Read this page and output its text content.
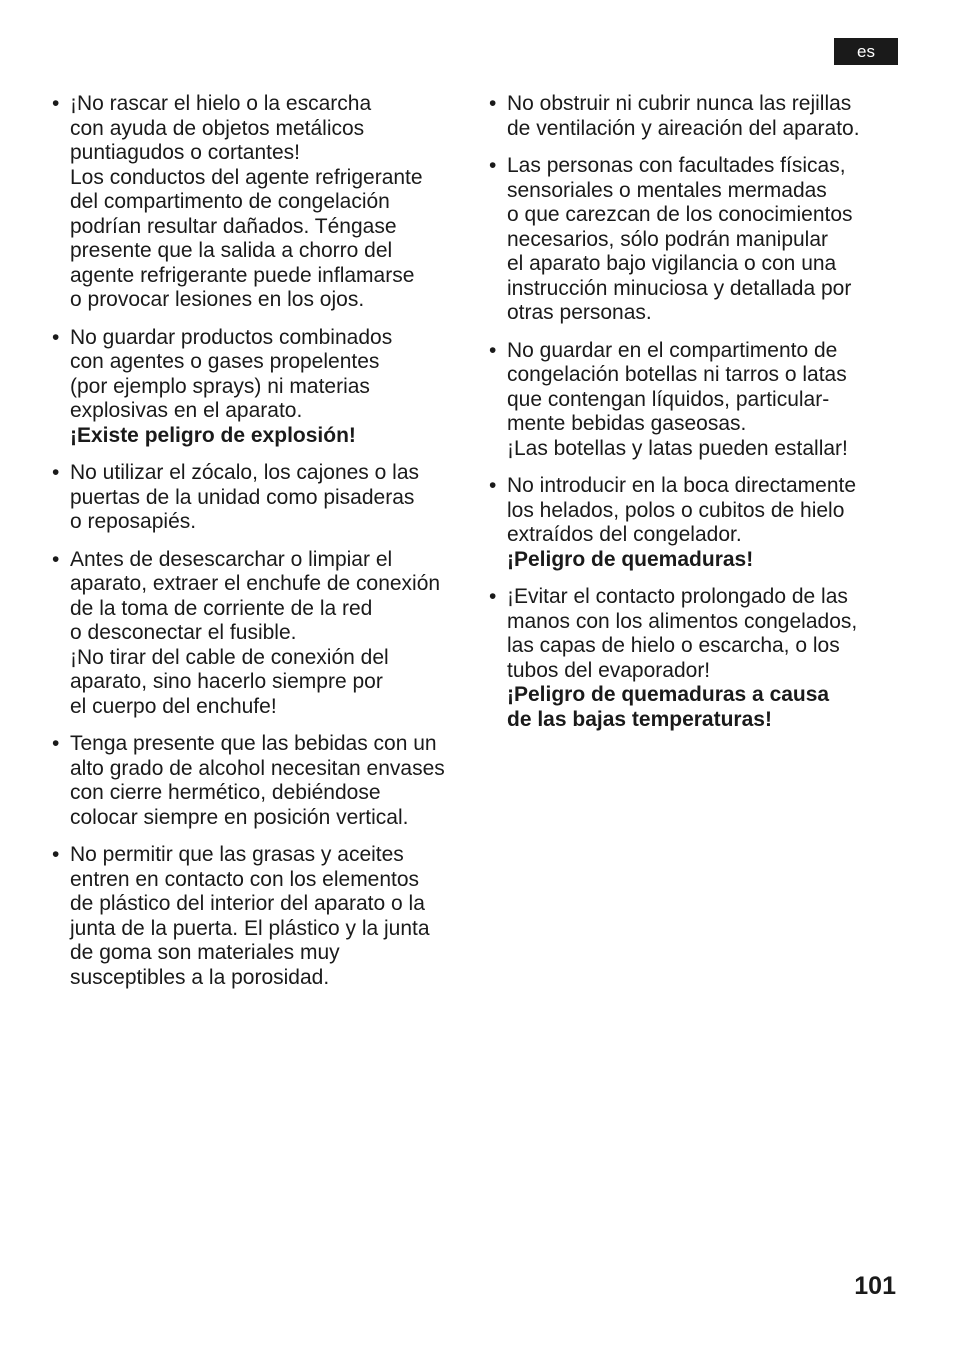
es
• ¡No rascar el hielo o la escarcha
con ayuda de objetos metálicos
puntiagudos o cortantes!
Los conductos del agente refrigerante
del compartimento de congelación
podrían resultar dañados. Téngase
presente que la salida a chorro del
agente refrigerante puede inflamarse
o provocar lesiones en los ojos.
• No guardar productos combinados
con agentes o gases propelentes
(por ejemplo sprays) ni materias
explosivas en el aparato.
¡Existe peligro de explosión!
• No utilizar el zócalo, los cajones o las
puertas de la unidad como pisaderas
o reposapiés.
• Antes de desescarchar o limpiar el
aparato, extraer el enchufe de conexión
de la toma de corriente de la red
o desconectar el fusible.
¡No tirar del cable de conexión del
aparato, sino hacerlo siempre por
el cuerpo del enchufe!
• Tenga presente que las bebidas con un
alto grado de alcohol necesitan envases
con cierre hermético, debiéndose
colocar siempre en posición vertical.
• No permitir que las grasas y aceites
entren en contacto con los elementos
de plástico del interior del aparato o la
junta de la puerta. El plástico y la junta
de goma son materiales muy
susceptibles a la porosidad.
• No obstruir ni cubrir nunca las rejillas
de ventilación y aireación del aparato.
• Las personas con facultades físicas,
sensoriales o mentales mermadas
o que carezcan de los conocimientos
necesarios, sólo podrán manipular
el aparato bajo vigilancia o con una
instrucción minuciosa y detallada por
otras personas.
• No guardar en el compartimento de
congelación botellas ni tarros o latas
que contengan líquidos, particular-
mente bebidas gaseosas.
¡Las botellas y latas pueden estallar!
• No introducir en la boca directamente
los helados, polos o cubitos de hielo
extraídos del congelador.
¡Peligro de quemaduras!
• ¡Evitar el contacto prolongado de las
manos con los alimentos congelados,
las capas de hielo o escarcha, o los
tubos del evaporador!
¡Peligro de quemaduras a causa
de las bajas temperaturas!
101
